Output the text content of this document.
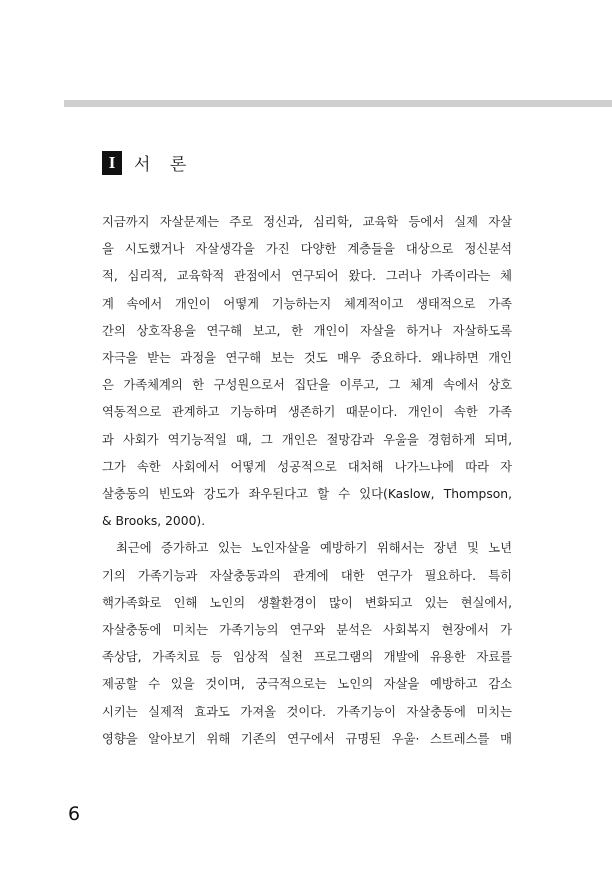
I	서 론
지금까지 자살문제는 주로 정신과, 심리학, 교육학 등에서 실제 자살
을 시도했거나 자살생각을 가진 다양한 계층들을 대상으로 정신분석
적, 심리적, 교육학적 관점에서 연구되어 왔다. 그러나 가족이라는 체
계 속에서 개인이 어떻게 기능하는지 체계적이고 생태적으로 가족
간의 상호작용을 연구해 보고, 한 개인이 자살을 하거나 자살하도록
자극을 받는 과정을 연구해 보는 것도 매우 중요하다. 왜냐하면 개인
은 가족체계의 한 구성원으로서 집단을 이루고, 그 체계 속에서 상호
역동적으로 관계하고 기능하며 생존하기 때문이다. 개인이 속한 가족
과 사회가 역기능적일 때, 그 개인은 절망감과 우울을 경험하게 되며,
그가 속한 사회에서 어떻게 성공적으로 대처해 나가느냐에 따라 자
살충동의 빈도와 강도가 좌우된다고 할 수 있다(Kaslow, Thompson,
& Brooks, 2000).
최근에 증가하고 있는 노인자살을 예방하기 위해서는 장년 및 노년
기의 가족기능과 자살충동과의 관계에 대한 연구가 필요하다. 특히
핵가족화로 인해 노인의 생활환경이 많이 변화되고 있는 현실에서,
자살충동에 미치는 가족기능의 연구와 분석은 사회복지 현장에서 가
족상담, 가족치료 등 임상적 실천 프로그램의 개발에 유용한 자료를
제공할 수 있을 것이며, 궁극적으로는 노인의 자살을 예방하고 감소
시키는 실제적 효과도 가져올 것이다. 가족기능이 자살충동에 미치는
영향을 알아보기 위해 기존의 연구에서 규명된 우울· 스트레스를 매
6
